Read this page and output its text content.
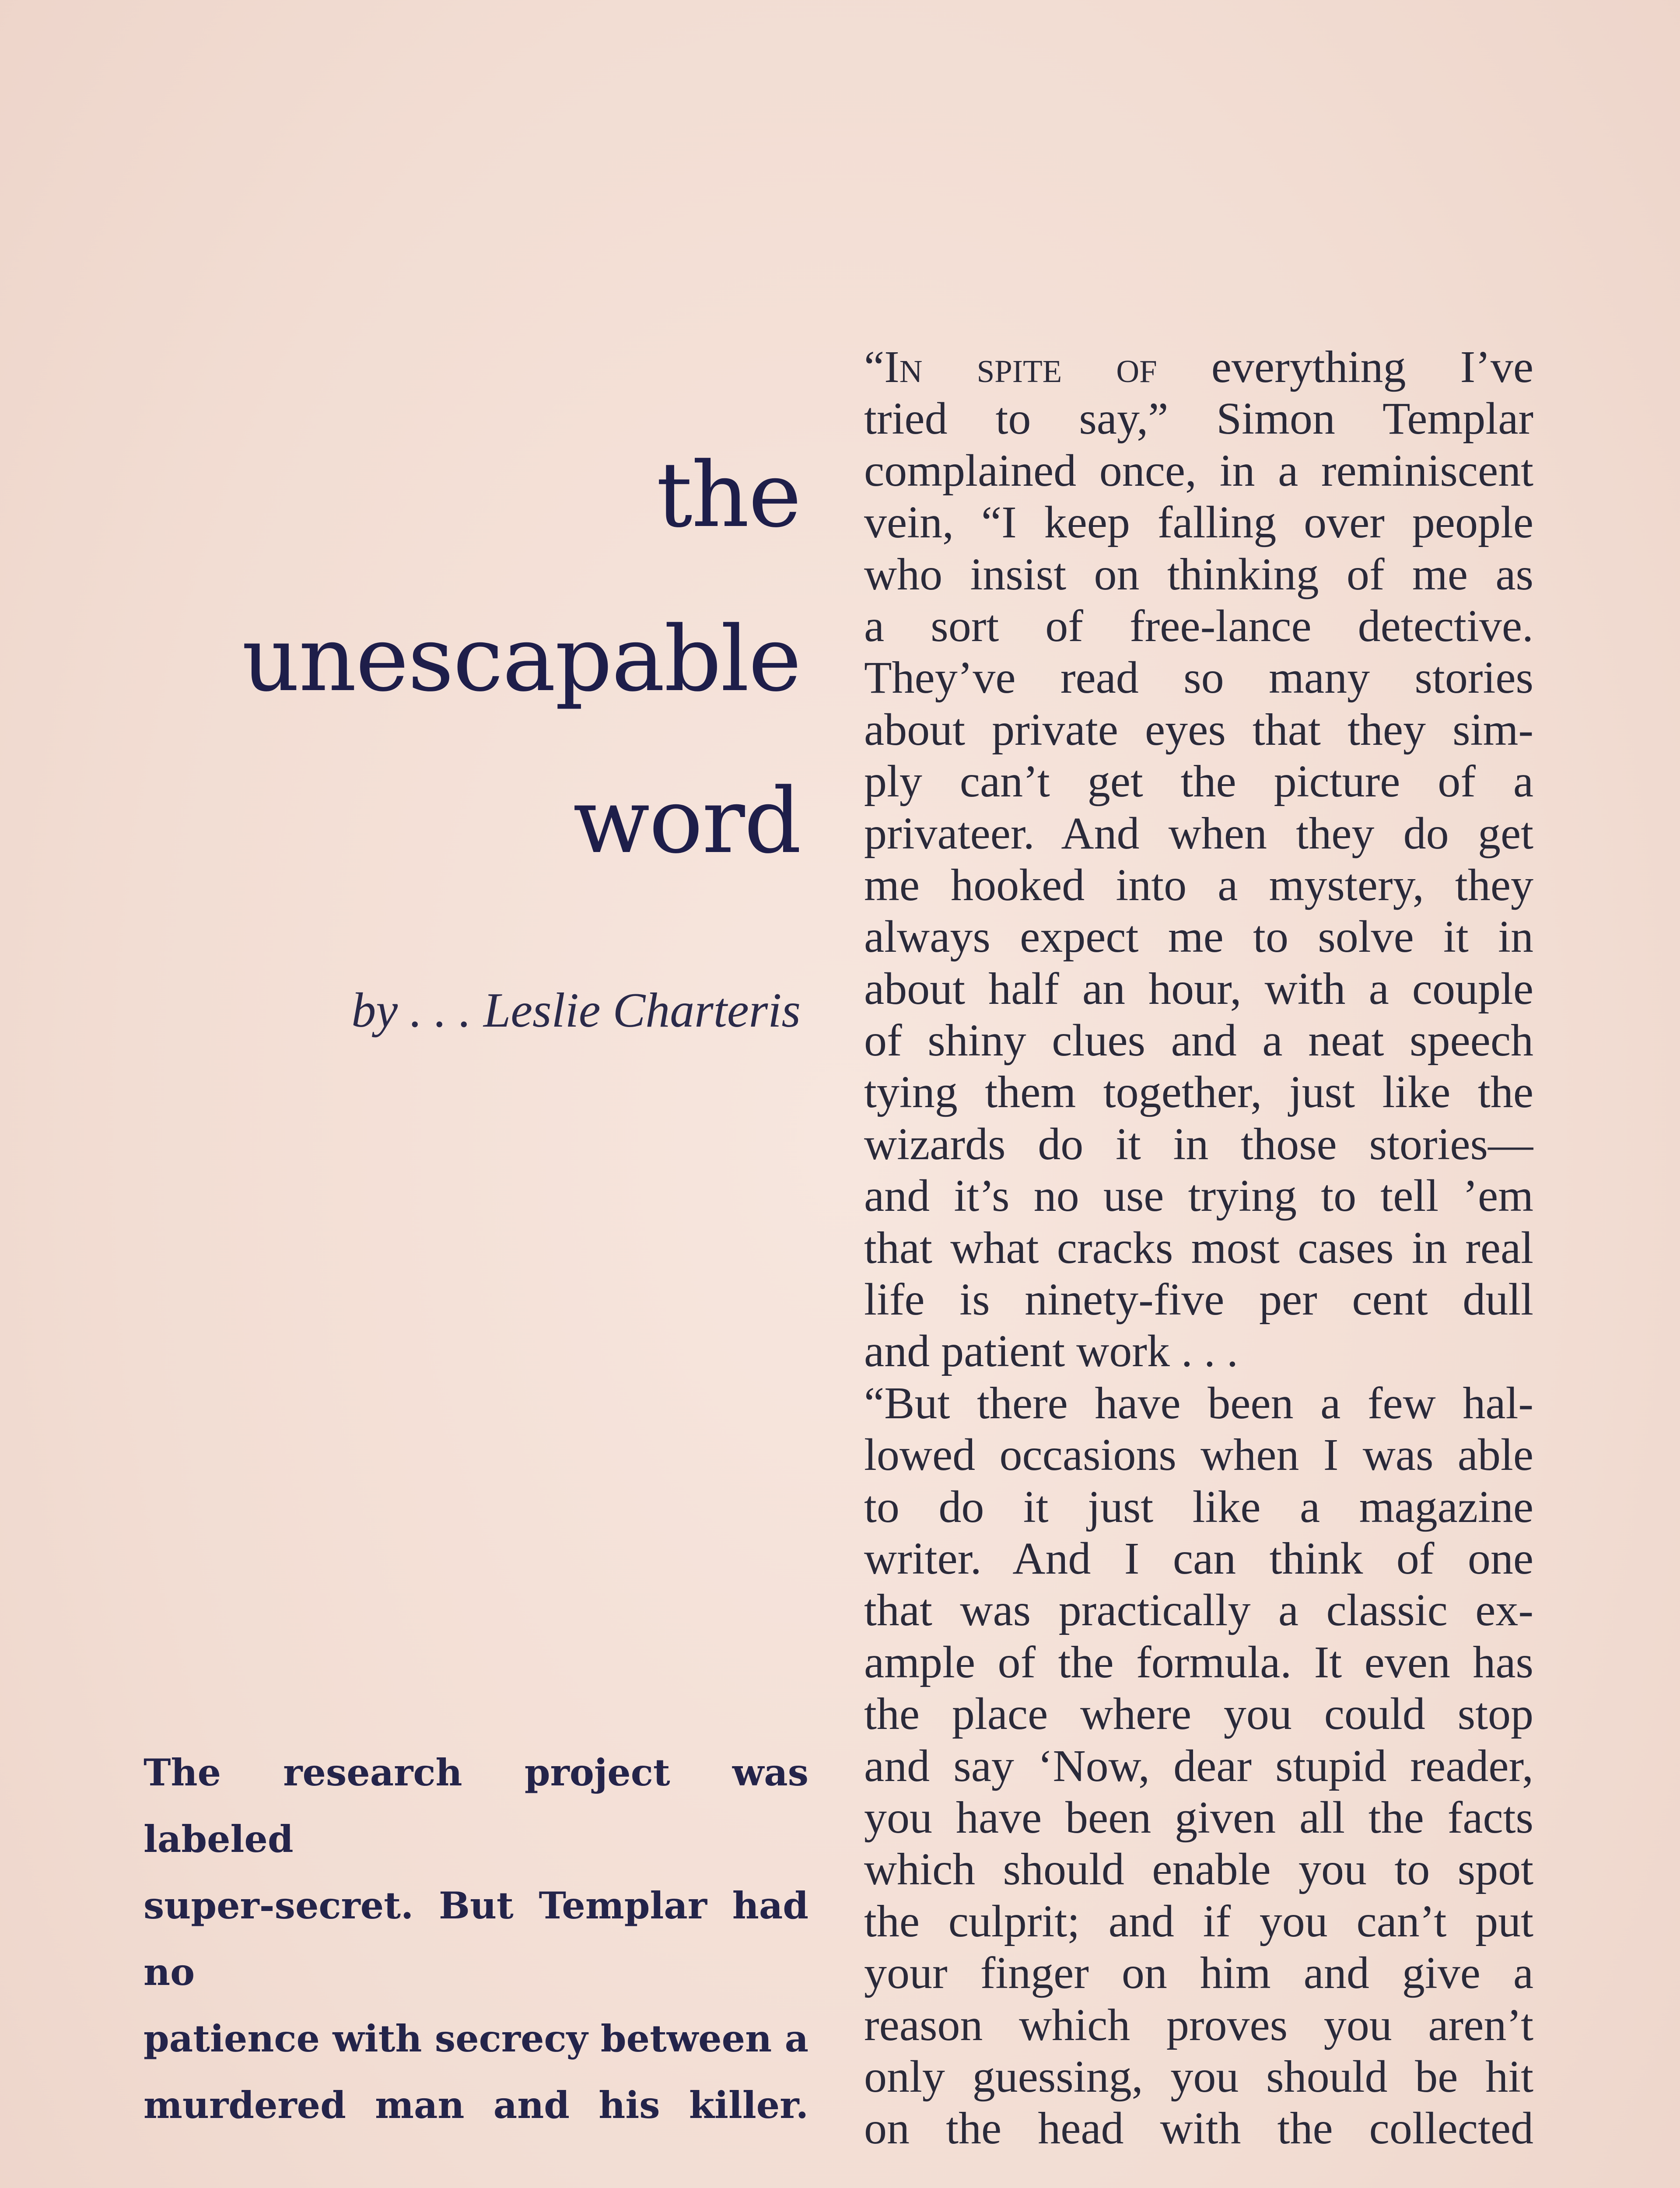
the
unescapable
word
by . . . Leslie Charteris
The research project was labeled
super-secret. But Templar had no
patience with secrecy between a
murdered man and his killer.
“In spite of everything I’ve
tried to say,” Simon Templar
complained once, in a reminiscent
vein, “I keep falling over people
who insist on thinking of me as
a sort of free-lance detective.
They’ve read so many stories
about private eyes that they sim-
ply can’t get the picture of a
privateer. And when they do get
me hooked into a mystery, they
always expect me to solve it in
about half an hour, with a couple
of shiny clues and a neat speech
tying them together, just like the
wizards do it in those stories—
and it’s no use trying to tell ’em
that what cracks most cases in real
life is ninety-five per cent dull
and patient work . . .
“But there have been a few hal-
lowed occasions when I was able
to do it just like a magazine
writer. And I can think of one
that was practically a classic ex-
ample of the formula. It even has
the place where you could stop
and say ‘Now, dear stupid reader,
you have been given all the facts
which should enable you to spot
the culprit; and if you can’t put
your finger on him and give a
reason which proves you aren’t
only guessing, you should be hit
on the head with the collected
